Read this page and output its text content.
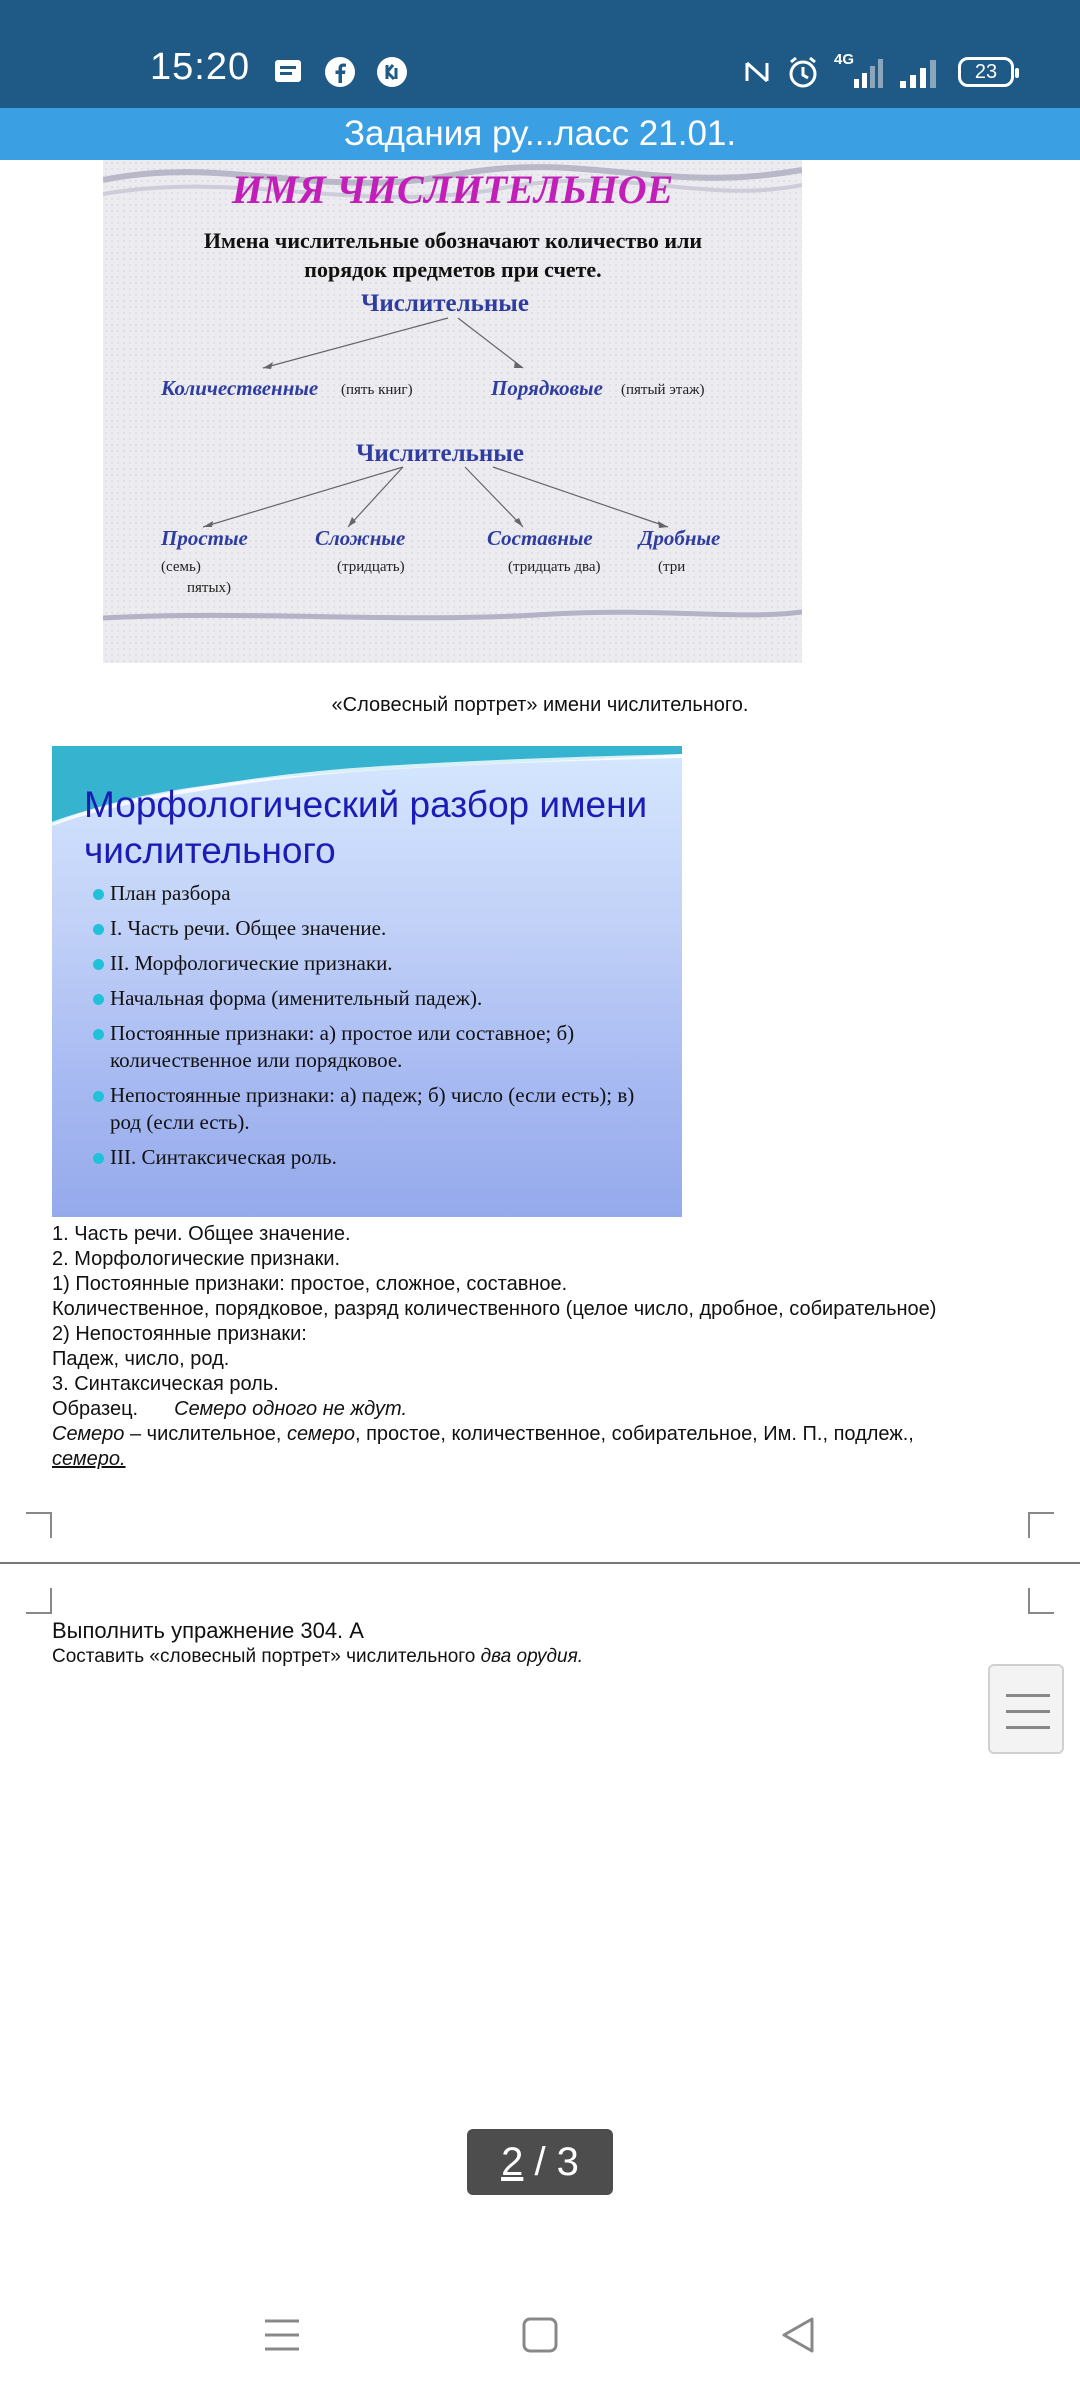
15:20	4G
23
Задания ру...ласс 21.01.
ИМЯ ЧИСЛИТЕЛЬНОЕ
Имена числительные обозначают количество или порядок предметов при счете.
Числительные
Количественные (пять книг)	Порядковые (пятый этаж)
Числительные
Простые
(семь)
пятых)
Сложные
(тридцать)
Составные
(тридцать два)
Дробные
(три
«Словесный портрет» имени числительного.
Морфологический разбор имени числительного
План разбора
I. Часть речи. Общее значение.
II. Морфологические признаки.
Начальная форма (именительный падеж).
Постоянные признаки: а) простое или составное; б) количественное или порядковое.
Непостоянные признаки: а) падеж; б) число (если есть); в) род (если есть).
III. Синтаксическая роль.
1. Часть речи. Общее значение.
2. Морфологические признаки.
1) Постоянные признаки: простое, сложное, составное.
Количественное, порядковое, разряд количественного (целое число, дробное, собирательное)
2) Непостоянные признаки:
Падеж, число, род.
3. Синтаксическая роль.
Образец. Семеро одного не ждут.
Семеро – числительное, семеро, простое, количественное, собирательное, Им. П., подлеж.,
семеро.
Выполнить упражнение 304. А
Составить «словесный портрет» числительного два орудия.
2 / 3
